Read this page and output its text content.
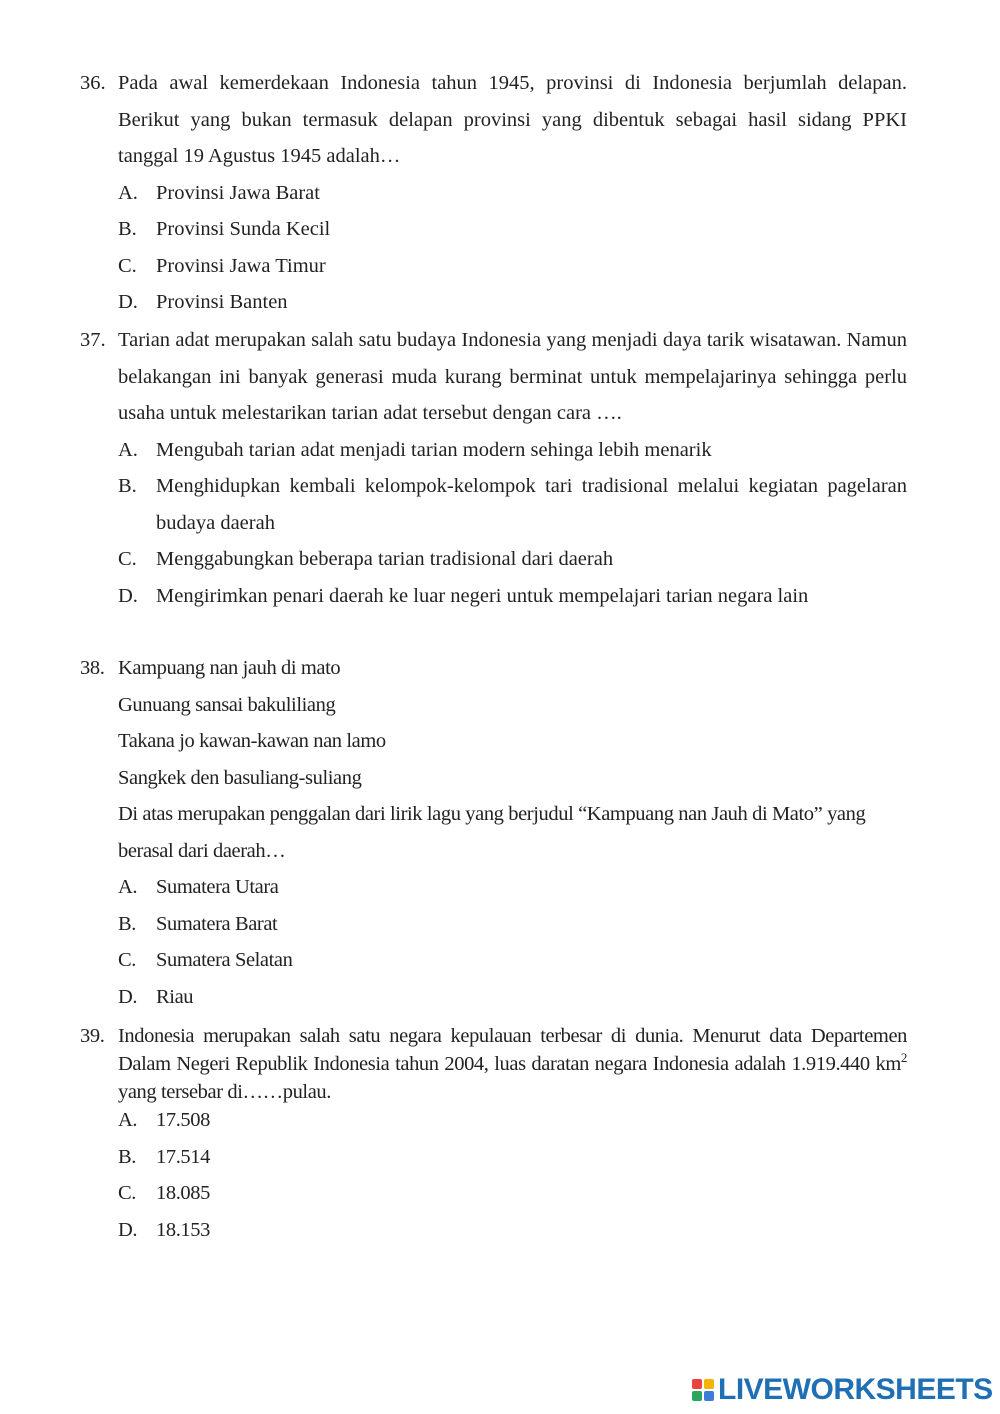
36. Pada awal kemerdekaan Indonesia tahun 1945, provinsi di Indonesia berjumlah delapan. Berikut yang bukan termasuk delapan provinsi yang dibentuk sebagai hasil sidang PPKI tanggal 19 Agustus 1945 adalah…
A. Provinsi Jawa Barat
B. Provinsi Sunda Kecil
C. Provinsi Jawa Timur
D. Provinsi Banten
37. Tarian adat merupakan salah satu budaya Indonesia yang menjadi daya tarik wisatawan. Namun belakangan ini banyak generasi muda kurang berminat untuk mempelajarinya sehingga perlu usaha untuk melestarikan tarian adat tersebut dengan cara ….
A. Mengubah tarian adat menjadi tarian modern sehinga lebih menarik
B. Menghidupkan kembali kelompok-kelompok tari tradisional melalui kegiatan pagelaran budaya daerah
C. Menggabungkan beberapa tarian tradisional dari daerah
D. Mengirimkan penari daerah ke luar negeri untuk mempelajari tarian negara lain
38. Kampuang nan jauh di mato
Gunuang sansai bakuliliang
Takana jo kawan-kawan nan lamo
Sangkek den basuliang-suliang
Di atas merupakan penggalan dari lirik lagu yang berjudul “Kampuang nan Jauh di Mato” yang berasal dari daerah…
A. Sumatera Utara
B. Sumatera Barat
C. Sumatera Selatan
D. Riau
39. Indonesia merupakan salah satu negara kepulauan terbesar di dunia. Menurut data Departemen Dalam Negeri Republik Indonesia tahun 2004, luas daratan negara Indonesia adalah 1.919.440 $km^2$ yang tersebar di……pulau.
A. 17.508
B. 17.514
C. 18.085
D. 18.153
LIVEWORKSHEETS
